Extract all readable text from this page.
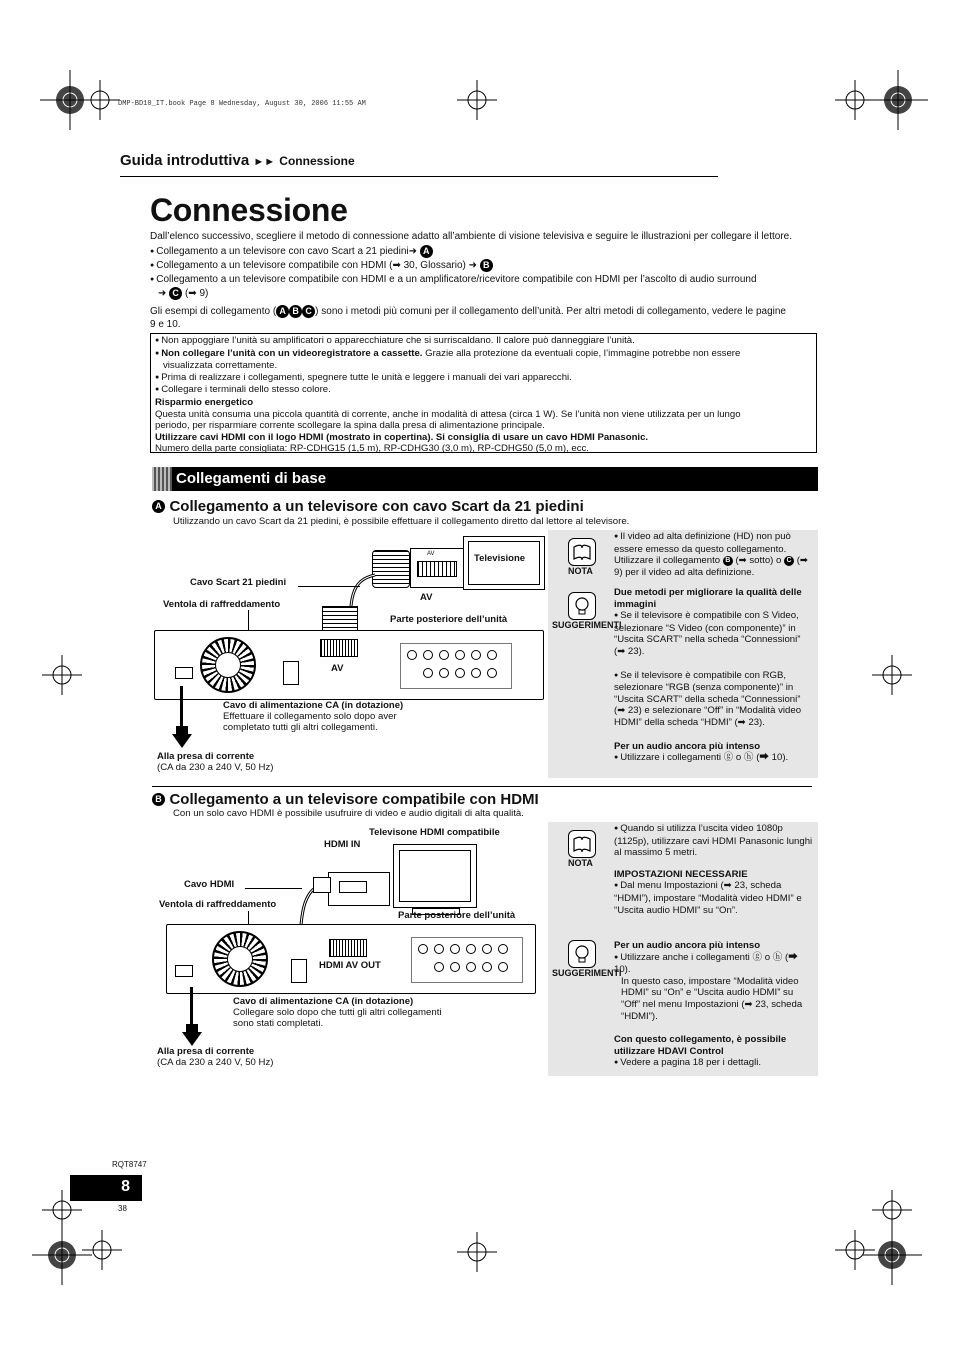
DMP-BD10_IT.book Page 8 Wednesday, August 30, 2006 11:55 AM
Guida introduttiva ►► Connessione
Connessione
Dall’elenco successivo, scegliere il metodo di connessione adatto all’ambiente di visione televisiva e seguire le illustrazioni per collegare il lettore.
● Collegamento a un televisore con cavo Scart a 21 piedini➜ A
● Collegamento a un televisore compatibile con HDMI (➡ 30, Glossario) ➜ B
● Collegamento a un televisore compatibile con HDMI e a un amplificatore/ricevitore compatibile con HDMI per l’ascolto di audio surround
➜ C (➡ 9)
Gli esempi di collegamento ( A B C ) sono i metodi più comuni per il collegamento dell’unità. Per altri metodi di collegamento, vedere le pagine
9 e 10.
● Non appoggiare l’unità su amplificatori o apparecchiature che si surriscaldano. Il calore può danneggiare l’unità.
● Non collegare l’unità con un videoregistratore a cassette. Grazie alla protezione da eventuali copie, l’immagine potrebbe non essere
visualizzata correttamente.
● Prima di realizzare i collegamenti, spegnere tutte le unità e leggere i manuali dei vari apparecchi.
● Collegare i terminali dello stesso colore.
Risparmio energetico
Questa unità consuma una piccola quantità di corrente, anche in modalità di attesa (circa 1 W). Se l’unità non viene utilizzata per un lungo
periodo, per risparmiare corrente scollegare la spina dalla presa di alimentazione principale.
Utilizzare cavi HDMI con il logo HDMI (mostrato in copertina). Si consiglia di usare un cavo HDMI Panasonic.
Numero della parte consigliata: RP-CDHG15 (1,5 m), RP-CDHG30 (3,0 m), RP-CDHG50 (5,0 m), ecc.
Collegamenti di base
A Collegamento a un televisore con cavo Scart da 21 piedini
Utilizzando un cavo Scart da 21 piedini, è possibile effettuare il collegamento diretto dal lettore al televisore.
Televisione
AV
AV
Cavo Scart 21 piedini
Ventola di raffreddamento
Parte posteriore dell’unità
AV
Cavo di alimentazione CA (in dotazione)
Effettuare il collegamento solo dopo aver
completato tutti gli altri collegamenti.
Alla presa di corrente
(CA da 230 a 240 V, 50 Hz)
NOTA
● Il video ad alta definizione (HD) non può essere emesso da questo collegamento. Utilizzare il collegamento B (➡ sotto) o C (➡ 9) per il video ad alta definizione.
SUGGERIMENTI
Due metodi per migliorare la qualità delle immagini
● Se il televisore è compatibile con S Video, selezionare “S Video (con componente)” in “Uscita SCART” nella scheda “Connessioni” (➡ 23).
● Se il televisore è compatibile con RGB, selezionare “RGB (senza componente)” in “Uscita SCART” della scheda “Connessioni” (➡ 23) e selezionare “Off” in “Modalità video HDMI” della scheda “HDMI” (➡ 23).
Per un audio ancora più intenso
● Utilizzare i collegamenti ⓖ o ⓗ (➡ 10).
B Collegamento a un televisore compatibile con HDMI
Con un solo cavo HDMI è possibile usufruire di video e audio digitali di alta qualità.
Televisone HDMI compatibile
HDMI IN
Cavo HDMI
Ventola di raffreddamento
Parte posteriore dell’unità
HDMI AV OUT
Cavo di alimentazione CA (in dotazione)
Collegare solo dopo che tutti gli altri collegamenti
sono stati completati.
Alla presa di corrente
(CA da 230 a 240 V, 50 Hz)
NOTA
● Quando si utilizza l’uscita video 1080p (1125p), utilizzare cavi HDMI Panasonic lunghi al massimo 5 metri.
IMPOSTAZIONI NECESSARIE
● Dal menu Impostazioni (➡ 23, scheda “HDMI”), impostare “Modalità video HDMI” e “Uscita audio HDMI” su “On”.
SUGGERIMENTI
Per un audio ancora più intenso
● Utilizzare anche i collegamenti ⓖ o ⓗ (➡ 10).
In questo caso, impostare “Modalità video HDMI” su “On” e “Uscita audio HDMI” su “Off” nel menu Impostazioni (➡ 23, scheda “HDMI”).
Con questo collegamento, è possibile utilizzare HDAVI Control
● Vedere a pagina 18 per i dettagli.
RQT8747
8
38
